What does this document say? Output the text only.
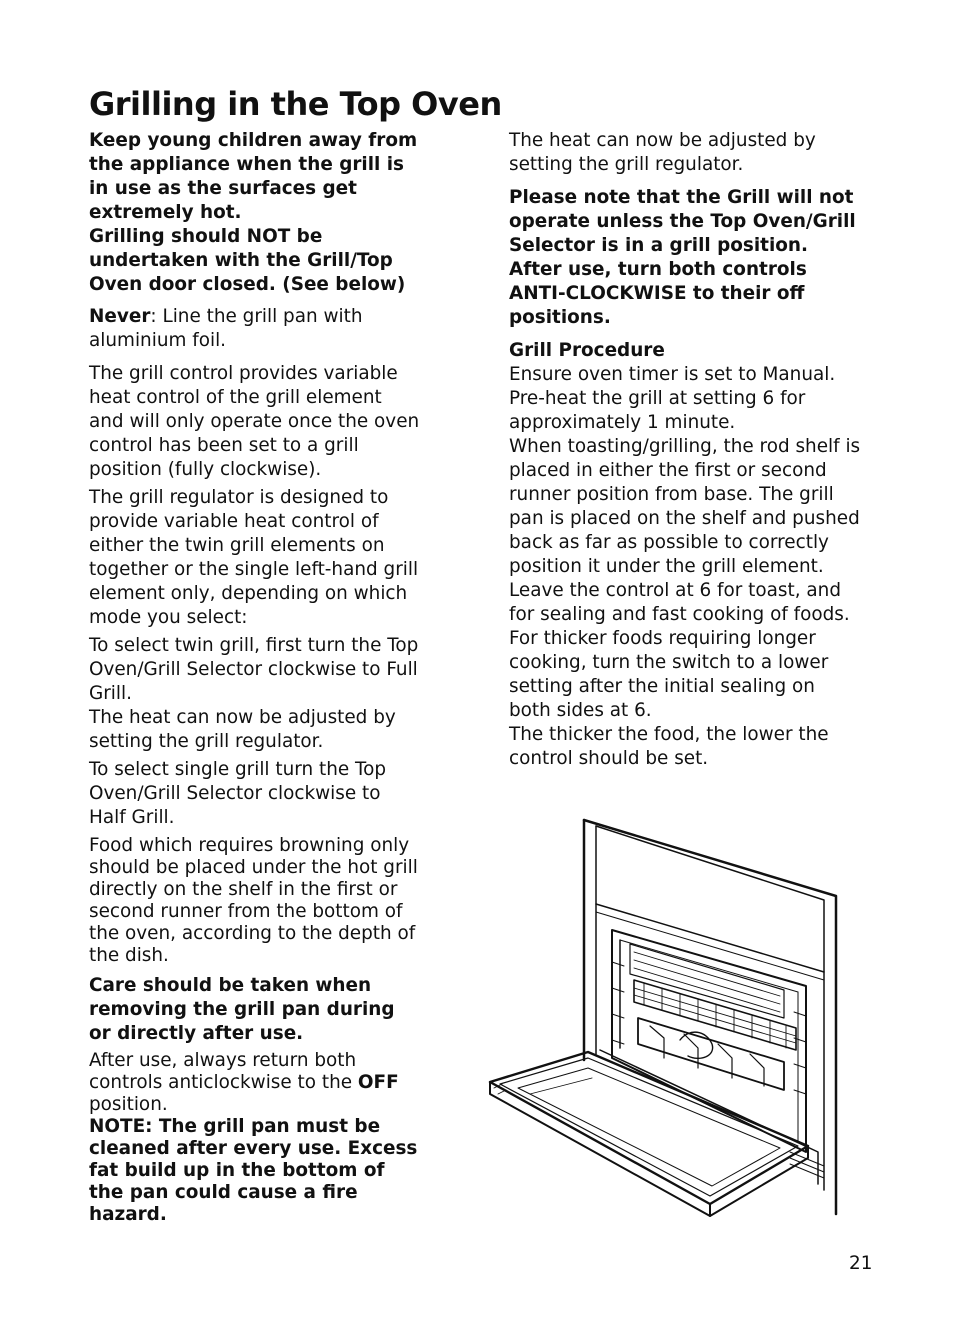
Grilling in the Top Oven

Keep young children away from the appliance when the grill is in use as the surfaces get extremely hot.

Grilling should NOT be undertaken with the Grill/Top Oven door closed. (See below)

Never: Line the grill pan with aluminium foil.

The grill control provides variable heat control of the grill element and will only operate once the oven control has been set to a grill position (fully clockwise).

The grill regulator is designed to provide variable heat control of either the twin grill elements on together or the single left-hand grill element only, depending on which mode you select:

To select twin grill, first turn the Top Oven/Grill Selector clockwise to Full Grill.

The heat can now be adjusted by setting the grill regulator.

To select single grill turn the Top Oven/Grill Selector clockwise to Half Grill.

Food which requires browning only should be placed under the hot grill directly on the shelf in the first or second runner from the bottom of the oven, according to the depth of the dish.

Care should be taken when removing the grill pan during or directly after use.

After use, always return both controls anticlockwise to the OFF position.

NOTE: The grill pan must be cleaned after every use. Excess fat build up in the bottom of the pan could cause a fire hazard.

The heat can now be adjusted by setting the grill regulator.

Please note that the Grill will not operate unless the Top Oven/Grill Selector is in a grill position.

After use, turn both controls ANTI-CLOCKWISE to their off positions.

Grill Procedure

Ensure oven timer is set to Manual.

Pre-heat the grill at setting 6 for approximately 1 minute.

When toasting/grilling, the rod shelf is placed in either the first or second runner position from base. The grill pan is placed on the shelf and pushed back as far as possible to correctly position it under the grill element. Leave the control at 6 for toast, and for sealing and fast cooking of foods. For thicker foods requiring longer cooking, turn the switch to a lower setting after the initial sealing on both sides at 6.

The thicker the food, the lower the control should be set.

21
